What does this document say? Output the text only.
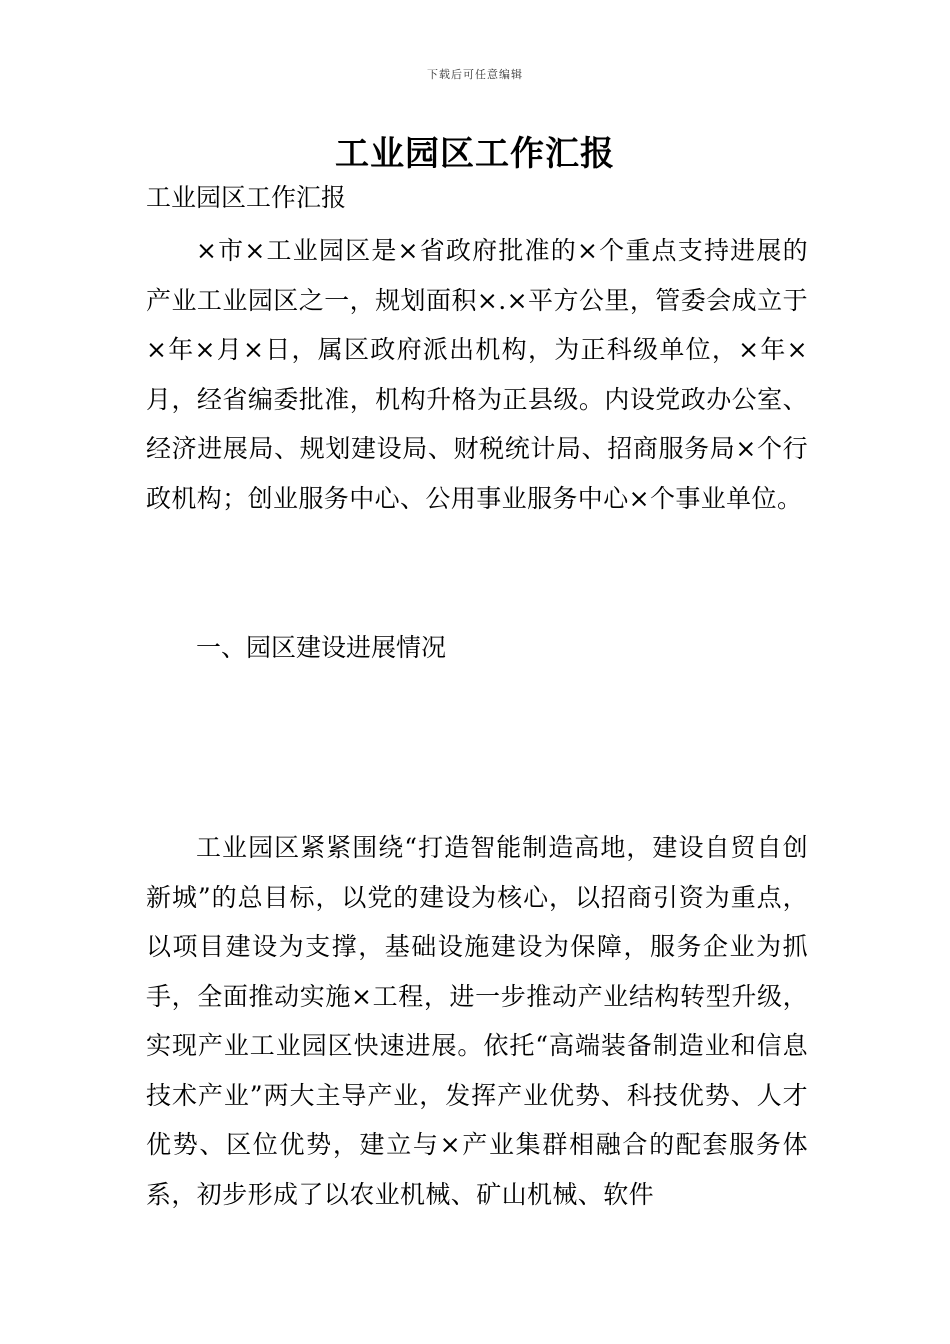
下载后可任意编辑
工业园区工作汇报
工业园区工作汇报

×市×工业园区是×省政府批准的×个重点支持进展的产业工业园区之一，规划面积×.×平方公里，管委会成立于×年×月×日，属区政府派出机构，为正科级单位，×年×月，经省编委批准，机构升格为正县级。内设党政办公室、经济进展局、规划建设局、财税统计局、招商服务局×个行政机构；创业服务中心、公用事业服务中心×个事业单位。

一、园区建设进展情况

工业园区紧紧围绕“打造智能制造高地，建设自贸自创新城”的总目标，以党的建设为核心，以招商引资为重点，以项目建设为支撑，基础设施建设为保障，服务企业为抓手，全面推动实施×工程，进一步推动产业结构转型升级，实现产业工业园区快速进展。依托“高端装备制造业和信息技术产业”两大主导产业，发挥产业优势、科技优势、人才优势、区位优势，建立与×产业集群相融合的配套服务体系，初步形成了以农业机械、矿山机械、软件
